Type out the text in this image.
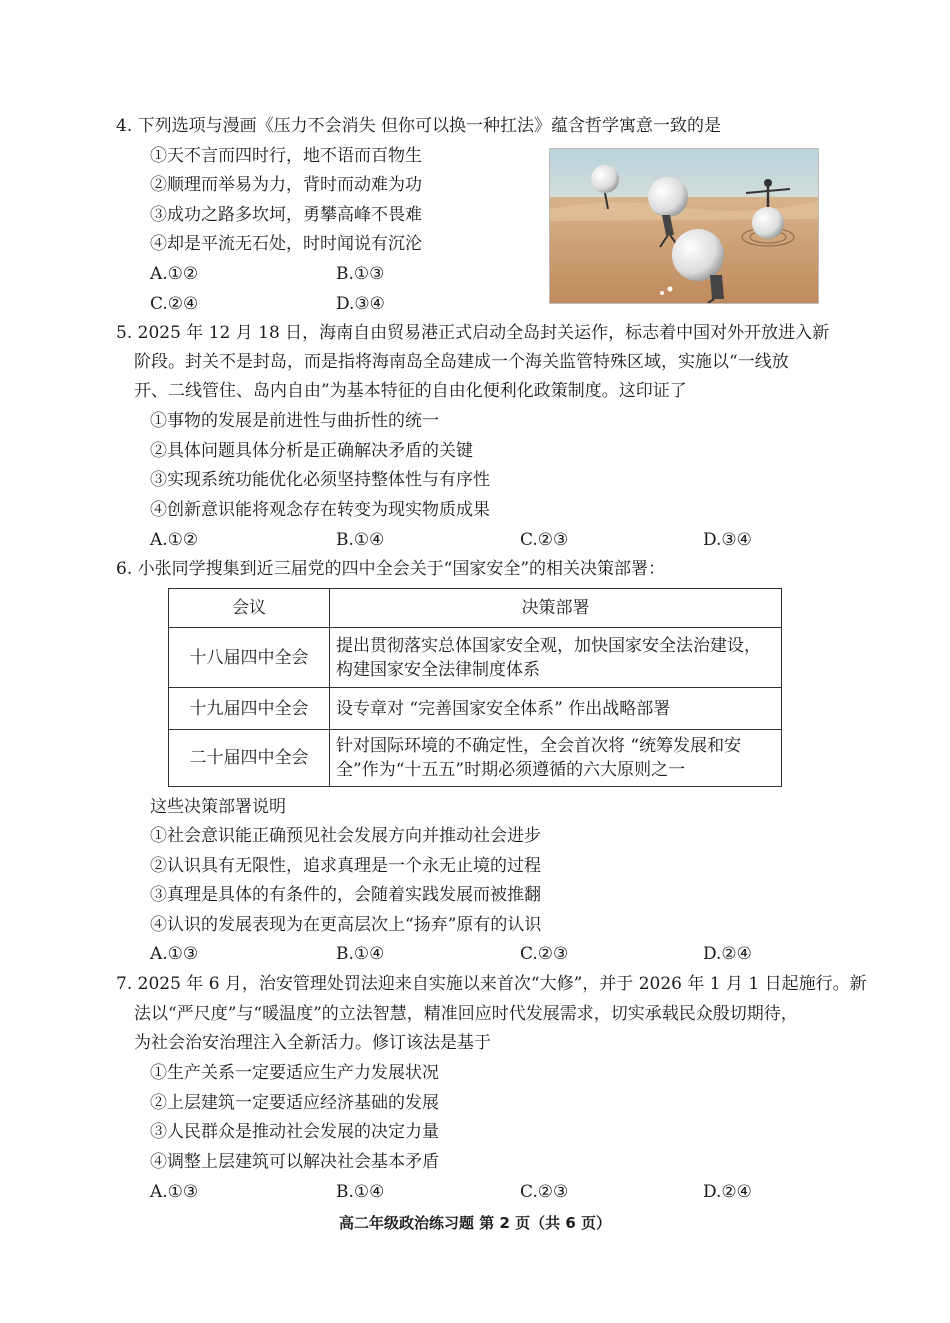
4. 下列选项与漫画《压力不会消失 但你可以换一种扛法》蕴含哲学寓意一致的是
①天不言而四时行，地不语而百物生
②顺理而举易为力，背时而动难为功
③成功之路多坎坷，勇攀高峰不畏难
④却是平流无石处，时时闻说有沉沦
A.①②	B.①③
C.②④	D.③④
5. 2025 年 12 月 18 日，海南自由贸易港正式启动全岛封关运作，标志着中国对外开放进入新
阶段。封关不是封岛，而是指将海南岛全岛建成一个海关监管特殊区域，实施以“一线放
开、二线管住、岛内自由”为基本特征的自由化便利化政策制度。这印证了
①事物的发展是前进性与曲折性的统一
②具体问题具体分析是正确解决矛盾的关键
③实现系统功能优化必须坚持整体性与有序性
④创新意识能将观念存在转变为现实物质成果
A.①②	B.①④	C.②③	D.③④
6. 小张同学搜集到近三届党的四中全会关于“国家安全”的相关决策部署：
会议	决策部署
十八届四中全会	提出贯彻落实总体国家安全观，加快国家安全法治建设，构建国家安全法律制度体系
十九届四中全会	设专章对 “完善国家安全体系” 作出战略部署
二十届四中全会	针对国际环境的不确定性，全会首次将 “统筹发展和安全”作为“十五五”时期必须遵循的六大原则之一
这些决策部署说明
①社会意识能正确预见社会发展方向并推动社会进步
②认识具有无限性，追求真理是一个永无止境的过程
③真理是具体的有条件的，会随着实践发展而被推翻
④认识的发展表现为在更高层次上“扬弃”原有的认识
A.①③	B.①④	C.②③	D.②④
7. 2025 年 6 月，治安管理处罚法迎来自实施以来首次“大修”，并于 2026 年 1 月 1 日起施行。新
法以“严尺度”与“暖温度”的立法智慧，精准回应时代发展需求，切实承载民众殷切期待，
为社会治安治理注入全新活力。修订该法是基于
①生产关系一定要适应生产力发展状况
②上层建筑一定要适应经济基础的发展
③人民群众是推动社会发展的决定力量
④调整上层建筑可以解决社会基本矛盾
A.①③	B.①④	C.②③	D.②④
高二年级政治练习题 第 2 页（共 6 页）
